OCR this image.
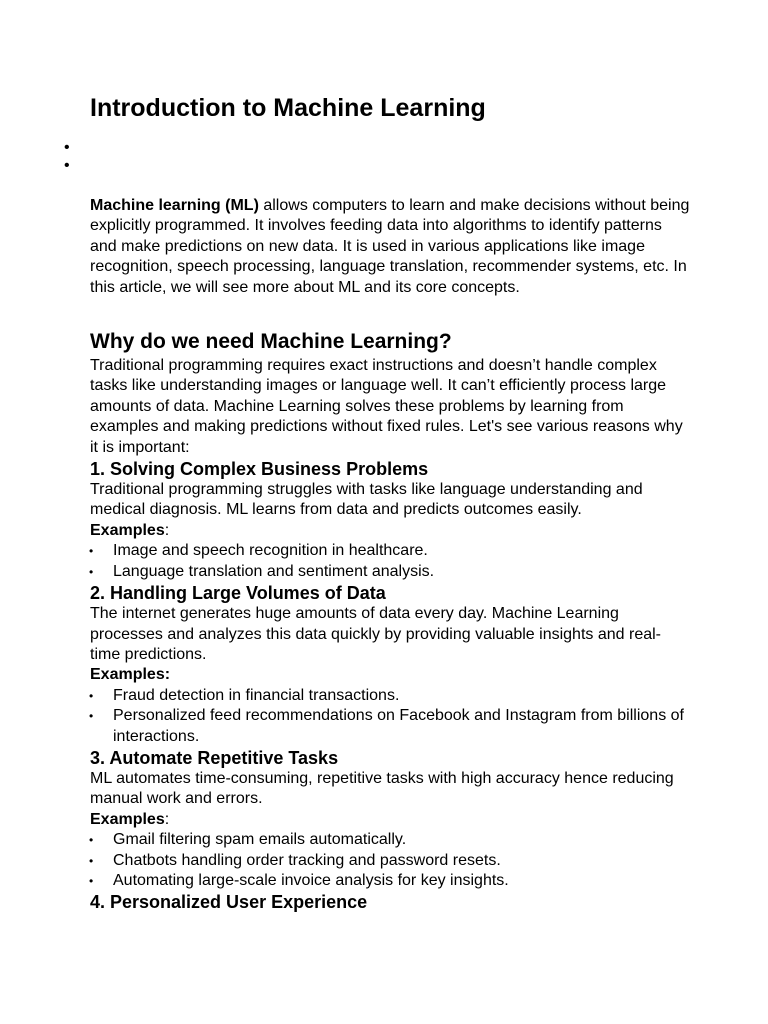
Introduction to Machine Learning
•
•

Machine learning (ML) allows computers to learn and make decisions without being explicitly programmed. It involves feeding data into algorithms to identify patterns and make predictions on new data. It is used in various applications like image recognition, speech processing, language translation, recommender systems, etc. In this article, we will see more about ML and its core concepts.

Why do we need Machine Learning?

Traditional programming requires exact instructions and doesn’t handle complex tasks like understanding images or language well. It can’t efficiently process large amounts of data. Machine Learning solves these problems by learning from examples and making predictions without fixed rules. Let's see various reasons why it is important:

1. Solving Complex Business Problems

Traditional programming struggles with tasks like language understanding and medical diagnosis. ML learns from data and predicts outcomes easily.

Examples:

• Image and speech recognition in healthcare.
• Language translation and sentiment analysis.
2. Handling Large Volumes of Data

The internet generates huge amounts of data every day. Machine Learning processes and analyzes this data quickly by providing valuable insights and real-time predictions.

Examples:

• Fraud detection in financial transactions.
• Personalized feed recommendations on Facebook and Instagram from billions of interactions.
3. Automate Repetitive Tasks

ML automates time-consuming, repetitive tasks with high accuracy hence reducing manual work and errors.

Examples:

• Gmail filtering spam emails automatically.
• Chatbots handling order tracking and password resets.
• Automating large-scale invoice analysis for key insights.
4. Personalized User Experience
